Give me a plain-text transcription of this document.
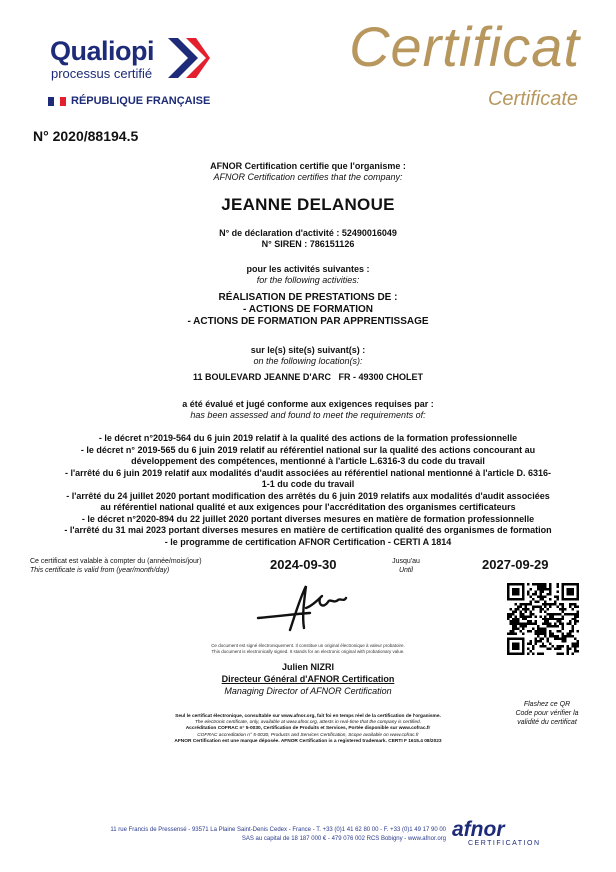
Qualiopi
processus certifié
RÉPUBLIQUE FRANÇAISE
Certificat
Certificate
N° 2020/88194.5
AFNOR Certification certifie que l'organisme :
AFNOR Certification certifies that the company:
JEANNE DELANOUE
N° de déclaration d'activité : 52490016049
N° SIREN : 786151126
pour les activités suivantes :
for the following activities:
RÉALISATION DE PRESTATIONS DE :
- ACTIONS DE FORMATION
- ACTIONS DE FORMATION PAR APPRENTISSAGE
sur le(s) site(s) suivant(s) :
on the following location(s):
11 BOULEVARD JEANNE D'ARC   FR - 49300 CHOLET
a été évalué et jugé conforme aux exigences requises par :
has been assessed and found to meet the requirements of:
- le décret n°2019-564 du 6 juin 2019 relatif à la qualité des actions de la formation professionnelle
- le décret n° 2019-565 du 6 juin 2019 relatif au référentiel national sur la qualité des actions concourant au
développement des compétences, mentionné à l'article L.6316-3 du code du travail
- l'arrêté du 6 juin 2019 relatif aux modalités d'audit associées au référentiel national mentionné à l'article D. 6316-
1-1 du code du travail
- l'arrêté du 24 juillet 2020 portant modification des arrêtés du 6 juin 2019 relatifs aux modalités d'audit associées
au référentiel national qualité et aux exigences pour l'accréditation des organismes certificateurs
- le décret n°2020-894 du 22 juillet 2020 portant diverses mesures en matière de formation professionnelle
- l'arrêté du 31 mai 2023 portant diverses mesures en matière de certification qualité des organismes de formation
- le programme de certification AFNOR Certification - CERTI A 1814
Ce certificat est valable à compter du (année/mois/jour)
This certificate is valid from (year/month/day)	2024-09-30	Jusqu'au
Until	2027-09-29
Ce document est signé électroniquement. Il constitue un original électronique à valeur probatoire.
This document is electronically signed. It stands for an electronic original with probationary value.
Julien NIZRI
Directeur Général d'AFNOR Certification
Managing Director of AFNOR Certification
Flashez ce QR
Code pour vérifier la
validité du certificat
Seul le certificat électronique, consultable sur www.afnor.org, fait foi en temps réel de la certification de l'organisme.
The electronic certificate, only, available at www.afnor.org, attests in real-time that the company is certified.
Accréditation COFRAC n° 5-0030, Certification de Produits et Services, Portée disponible sur www.cofrac.fr
COFRAC accreditation n° 5-0030, Products and Services Certification, Scope available on www.cofrac.fr
AFNOR Certification est une marque déposée. AFNOR Certification is a registered trademark. CERTI F 1615.4 08/2023
11 rue Francis de Pressensé - 93571 La Plaine Saint-Denis Cedex - France - T. +33 (0)1 41 62 80 00 - F. +33 (0)1 49 17 90 00
SAS au capital de 18 187 000 € - 479 076 002 RCS Bobigny - www.afnor.org afnor
CERTIFICATION
